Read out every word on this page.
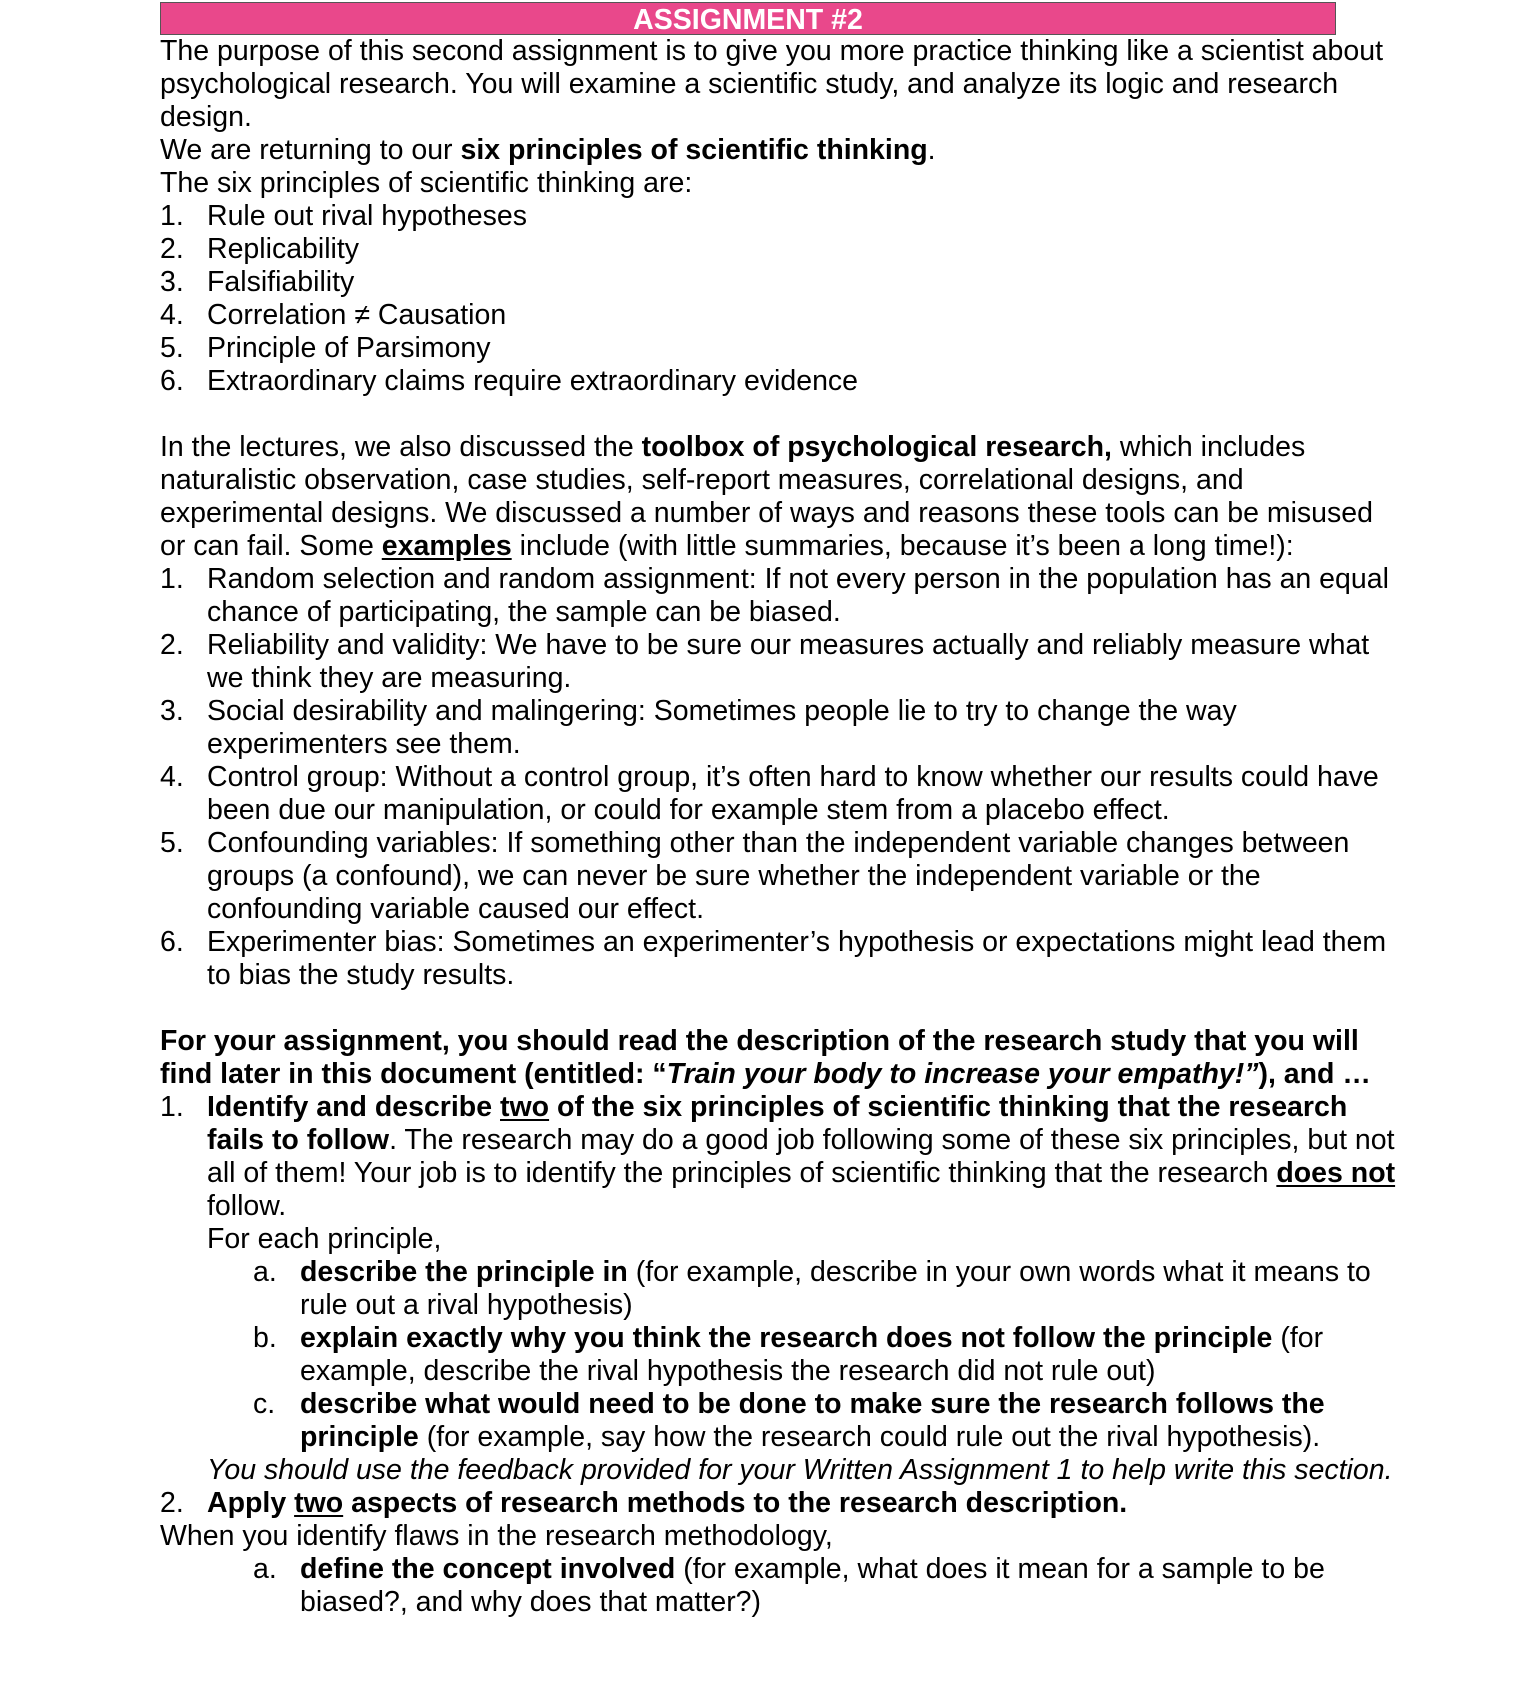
ASSIGNMENT #2

The purpose of this second assignment is to give you more practice thinking like a scientist about psychological research. You will examine a scientific study, and analyze its logic and research design.

We are returning to our six principles of scientific thinking.

The six principles of scientific thinking are:

1. Rule out rival hypotheses
2. Replicability
3. Falsifiability
4. Correlation ≠ Causation
5. Principle of Parsimony
6. Extraordinary claims require extraordinary evidence

In the lectures, we also discussed the toolbox of psychological research, which includes naturalistic observation, case studies, self-report measures, correlational designs, and experimental designs. We discussed a number of ways and reasons these tools can be misused or can fail. Some examples include (with little summaries, because it’s been a long time!):

1. Random selection and random assignment: If not every person in the population has an equal chance of participating, the sample can be biased.
2. Reliability and validity: We have to be sure our measures actually and reliably measure what we think they are measuring.
3. Social desirability and malingering: Sometimes people lie to try to change the way experimenters see them.
4. Control group: Without a control group, it’s often hard to know whether our results could have been due our manipulation, or could for example stem from a placebo effect.
5. Confounding variables: If something other than the independent variable changes between groups (a confound), we can never be sure whether the independent variable or the confounding variable caused our effect.
6. Experimenter bias: Sometimes an experimenter’s hypothesis or expectations might lead them to bias the study results.

For your assignment, you should read the description of the research study that you will find later in this document (entitled: “Train your body to increase your empathy!”), and …

1. Identify and describe two of the six principles of scientific thinking that the research fails to follow. The research may do a good job following some of these six principles, but not all of them! Your job is to identify the principles of scientific thinking that the research does not follow.

For each principle,

a. describe the principle in (for example, describe in your own words what it means to rule out a rival hypothesis)
b. explain exactly why you think the research does not follow the principle (for example, describe the rival hypothesis the research did not rule out)
c. describe what would need to be done to make sure the research follows the principle (for example, say how the research could rule out the rival hypothesis).

You should use the feedback provided for your Written Assignment 1 to help write this section.

2. Apply two aspects of research methods to the research description.

When you identify flaws in the research methodology,

a. define the concept involved (for example, what does it mean for a sample to be biased?, and why does that matter?)
